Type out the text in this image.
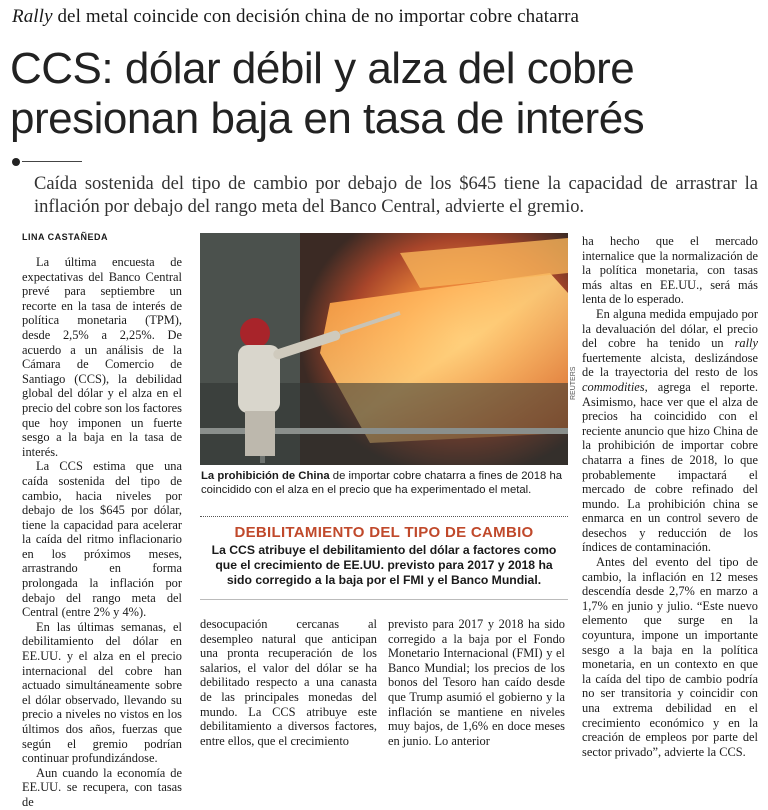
Rally del metal coincide con decisión china de no importar cobre chatarra
CCS: dólar débil y alza del cobre presionan baja en tasa de interés
Caída sostenida del tipo de cambio por debajo de los $645 tiene la capacidad de arrastrar la inflación por debajo del rango meta del Banco Central, advierte el gremio.
LINA CASTAÑEDA

La última encuesta de expectativas del Banco Central prevé para septiembre un recorte en la tasa de interés de política monetaria (TPM), desde 2,5% a 2,25%. De acuerdo a un análisis de la Cámara de Comercio de Santiago (CCS), la debilidad global del dólar y el alza en el precio del cobre son los factores que hoy imponen un fuerte sesgo a la baja en la tasa de interés.

La CCS estima que una caída sostenida del tipo de cambio, hacia niveles por debajo de los $645 por dólar, tiene la capacidad para acelerar la caída del ritmo inflacionario en los próximos meses, arrastrando en forma prolongada la inflación por debajo del rango meta del Central (entre 2% y 4%).

En las últimas semanas, el debilitamiento del dólar en EE.UU. y el alza en el precio internacional del cobre han actuado simultáneamente sobre el dólar observado, llevando su precio a niveles no vistos en los últimos dos años, fuerzas que según el gremio podrían continuar profundizándose.

Aun cuando la economía de EE.UU. se recupera, con tasas de

REUTERS
La prohibición de China de importar cobre chatarra a fines de 2018 ha coincidido con el alza en el precio que ha experimentado el metal.
DEBILITAMIENTO DEL TIPO DE CAMBIO
La CCS atribuye el debilitamiento del dólar a factores como que el crecimiento de EE.UU. previsto para 2017 y 2018 ha sido corregido a la baja por el FMI y el Banco Mundial.

desocupación cercanas al desempleo natural que anticipan una pronta recuperación de los salarios, el valor del dólar se ha debilitado respecto a una canasta de las principales monedas del mundo. La CCS atribuye este debilitamiento a diversos factores, entre ellos, que el crecimiento

previsto para 2017 y 2018 ha sido corregido a la baja por el Fondo Monetario Internacional (FMI) y el Banco Mundial; los precios de los bonos del Tesoro han caído desde que Trump asumió el gobierno y la inflación se mantiene en niveles muy bajos, de 1,6% en doce meses en junio. Lo anterior

ha hecho que el mercado internalice que la normalización de la política monetaria, con tasas más altas en EE.UU., será más lenta de lo esperado.

En alguna medida empujado por la devaluación del dólar, el precio del cobre ha tenido un rally fuertemente alcista, deslizándose de la trayectoria del resto de los commodities, agrega el reporte. Asimismo, hace ver que el alza de precios ha coincidido con el reciente anuncio que hizo China de la prohibición de importar cobre chatarra a fines de 2018, lo que probablemente impactará el mercado de cobre refinado del mundo. La prohibición china se enmarca en un control severo de desechos y reducción de los índices de contaminación.

Antes del evento del tipo de cambio, la inflación en 12 meses descendía desde 2,7% en marzo a 1,7% en junio y julio. “Este nuevo elemento que surge en la coyuntura, impone un importante sesgo a la baja en la política monetaria, en un contexto en que la caída del tipo de cambio podría no ser transitoria y coincidir con una extrema debilidad en el crecimiento económico y en la creación de empleos por parte del sector privado”, advierte la CCS.
